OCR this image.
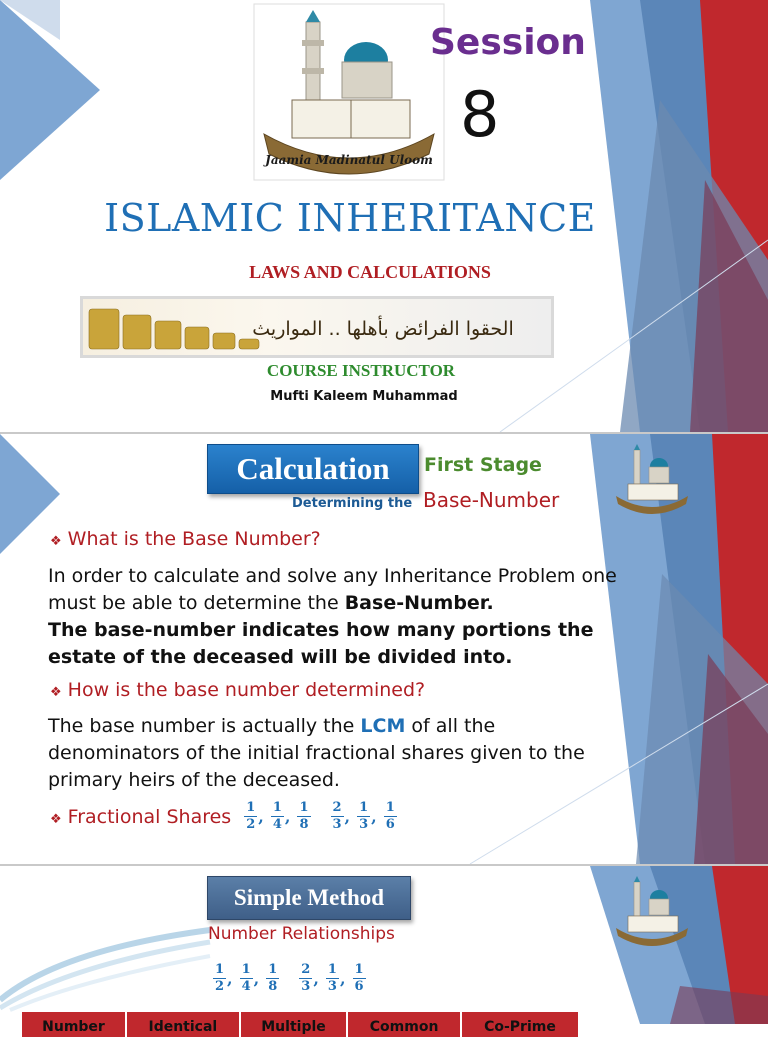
Jaamia Madinatul Uloom
Session
8
ISLAMIC INHERITANCE
LAWS AND CALCULATIONS
الحقوا الفرائض بأهلها .. المواريث
COURSE INSTRUCTOR
Mufti Kaleem Muhammad
Calculation	First Stage
Determining the Base-Number
❖ What is the Base Number?
In order to calculate and solve any Inheritance Problem one must be able to determine the Base-Number.
The base-number indicates how many portions the estate of the deceased will be divided into.
❖ How is the base number determined?
The base number is actually the LCM of all the denominators of the initial fractional shares given to the primary heirs of the deceased.
❖ Fractional Shares $\frac{1}{2}$ , $\frac{1}{4}$ , $\frac{1}{8} \frac{2}{3}$ , $\frac{1}{3}$ , $\frac{1}{6}$
Simple Method
Number Relationships
$\frac{1}{2}$ , $\frac{1}{4}$ , $\frac{1}{8} \frac{2}{3}$ , $\frac{1}{3}$ , $\frac{1}{6}$
Number	Identical	Multiple	Common	Co-Prime
